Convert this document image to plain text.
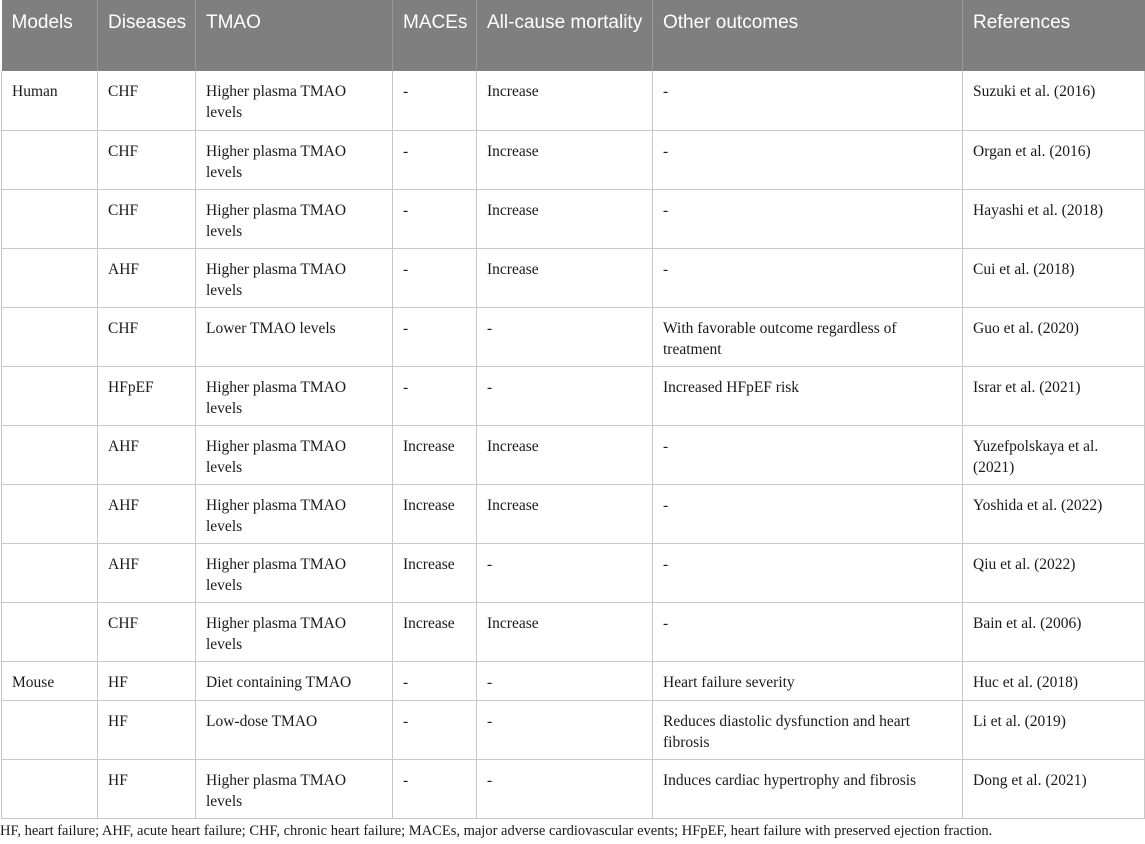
Models	Diseases	TMAO	MACEs	All-cause mortality	Other outcomes	References
Human	CHF	Higher plasma TMAO levels	-	Increase	-	Suzuki et al. (2016)
	CHF	Higher plasma TMAO levels	-	Increase	-	Organ et al. (2016)
	CHF	Higher plasma TMAO levels	-	Increase	-	Hayashi et al. (2018)
	AHF	Higher plasma TMAO levels	-	Increase	-	Cui et al. (2018)
	CHF	Lower TMAO levels	-	-	With favorable outcome regardless of treatment	Guo et al. (2020)
	HFpEF	Higher plasma TMAO levels	-	-	Increased HFpEF risk	Israr et al. (2021)
	AHF	Higher plasma TMAO levels	Increase	Increase	-	Yuzefpolskaya et al. (2021)
	AHF	Higher plasma TMAO levels	Increase	Increase	-	Yoshida et al. (2022)
	AHF	Higher plasma TMAO levels	Increase	-	-	Qiu et al. (2022)
	CHF	Higher plasma TMAO levels	Increase	Increase	-	Bain et al. (2006)
Mouse	HF	Diet containing TMAO	-	-	Heart failure severity	Huc et al. (2018)
	HF	Low-dose TMAO	-	-	Reduces diastolic dysfunction and heart fibrosis	Li et al. (2019)
	HF	Higher plasma TMAO levels	-	-	Induces cardiac hypertrophy and fibrosis	Dong et al. (2021)
HF, heart failure; AHF, acute heart failure; CHF, chronic heart failure; MACEs, major adverse cardiovascular events; HFpEF, heart failure with preserved ejection fraction.
